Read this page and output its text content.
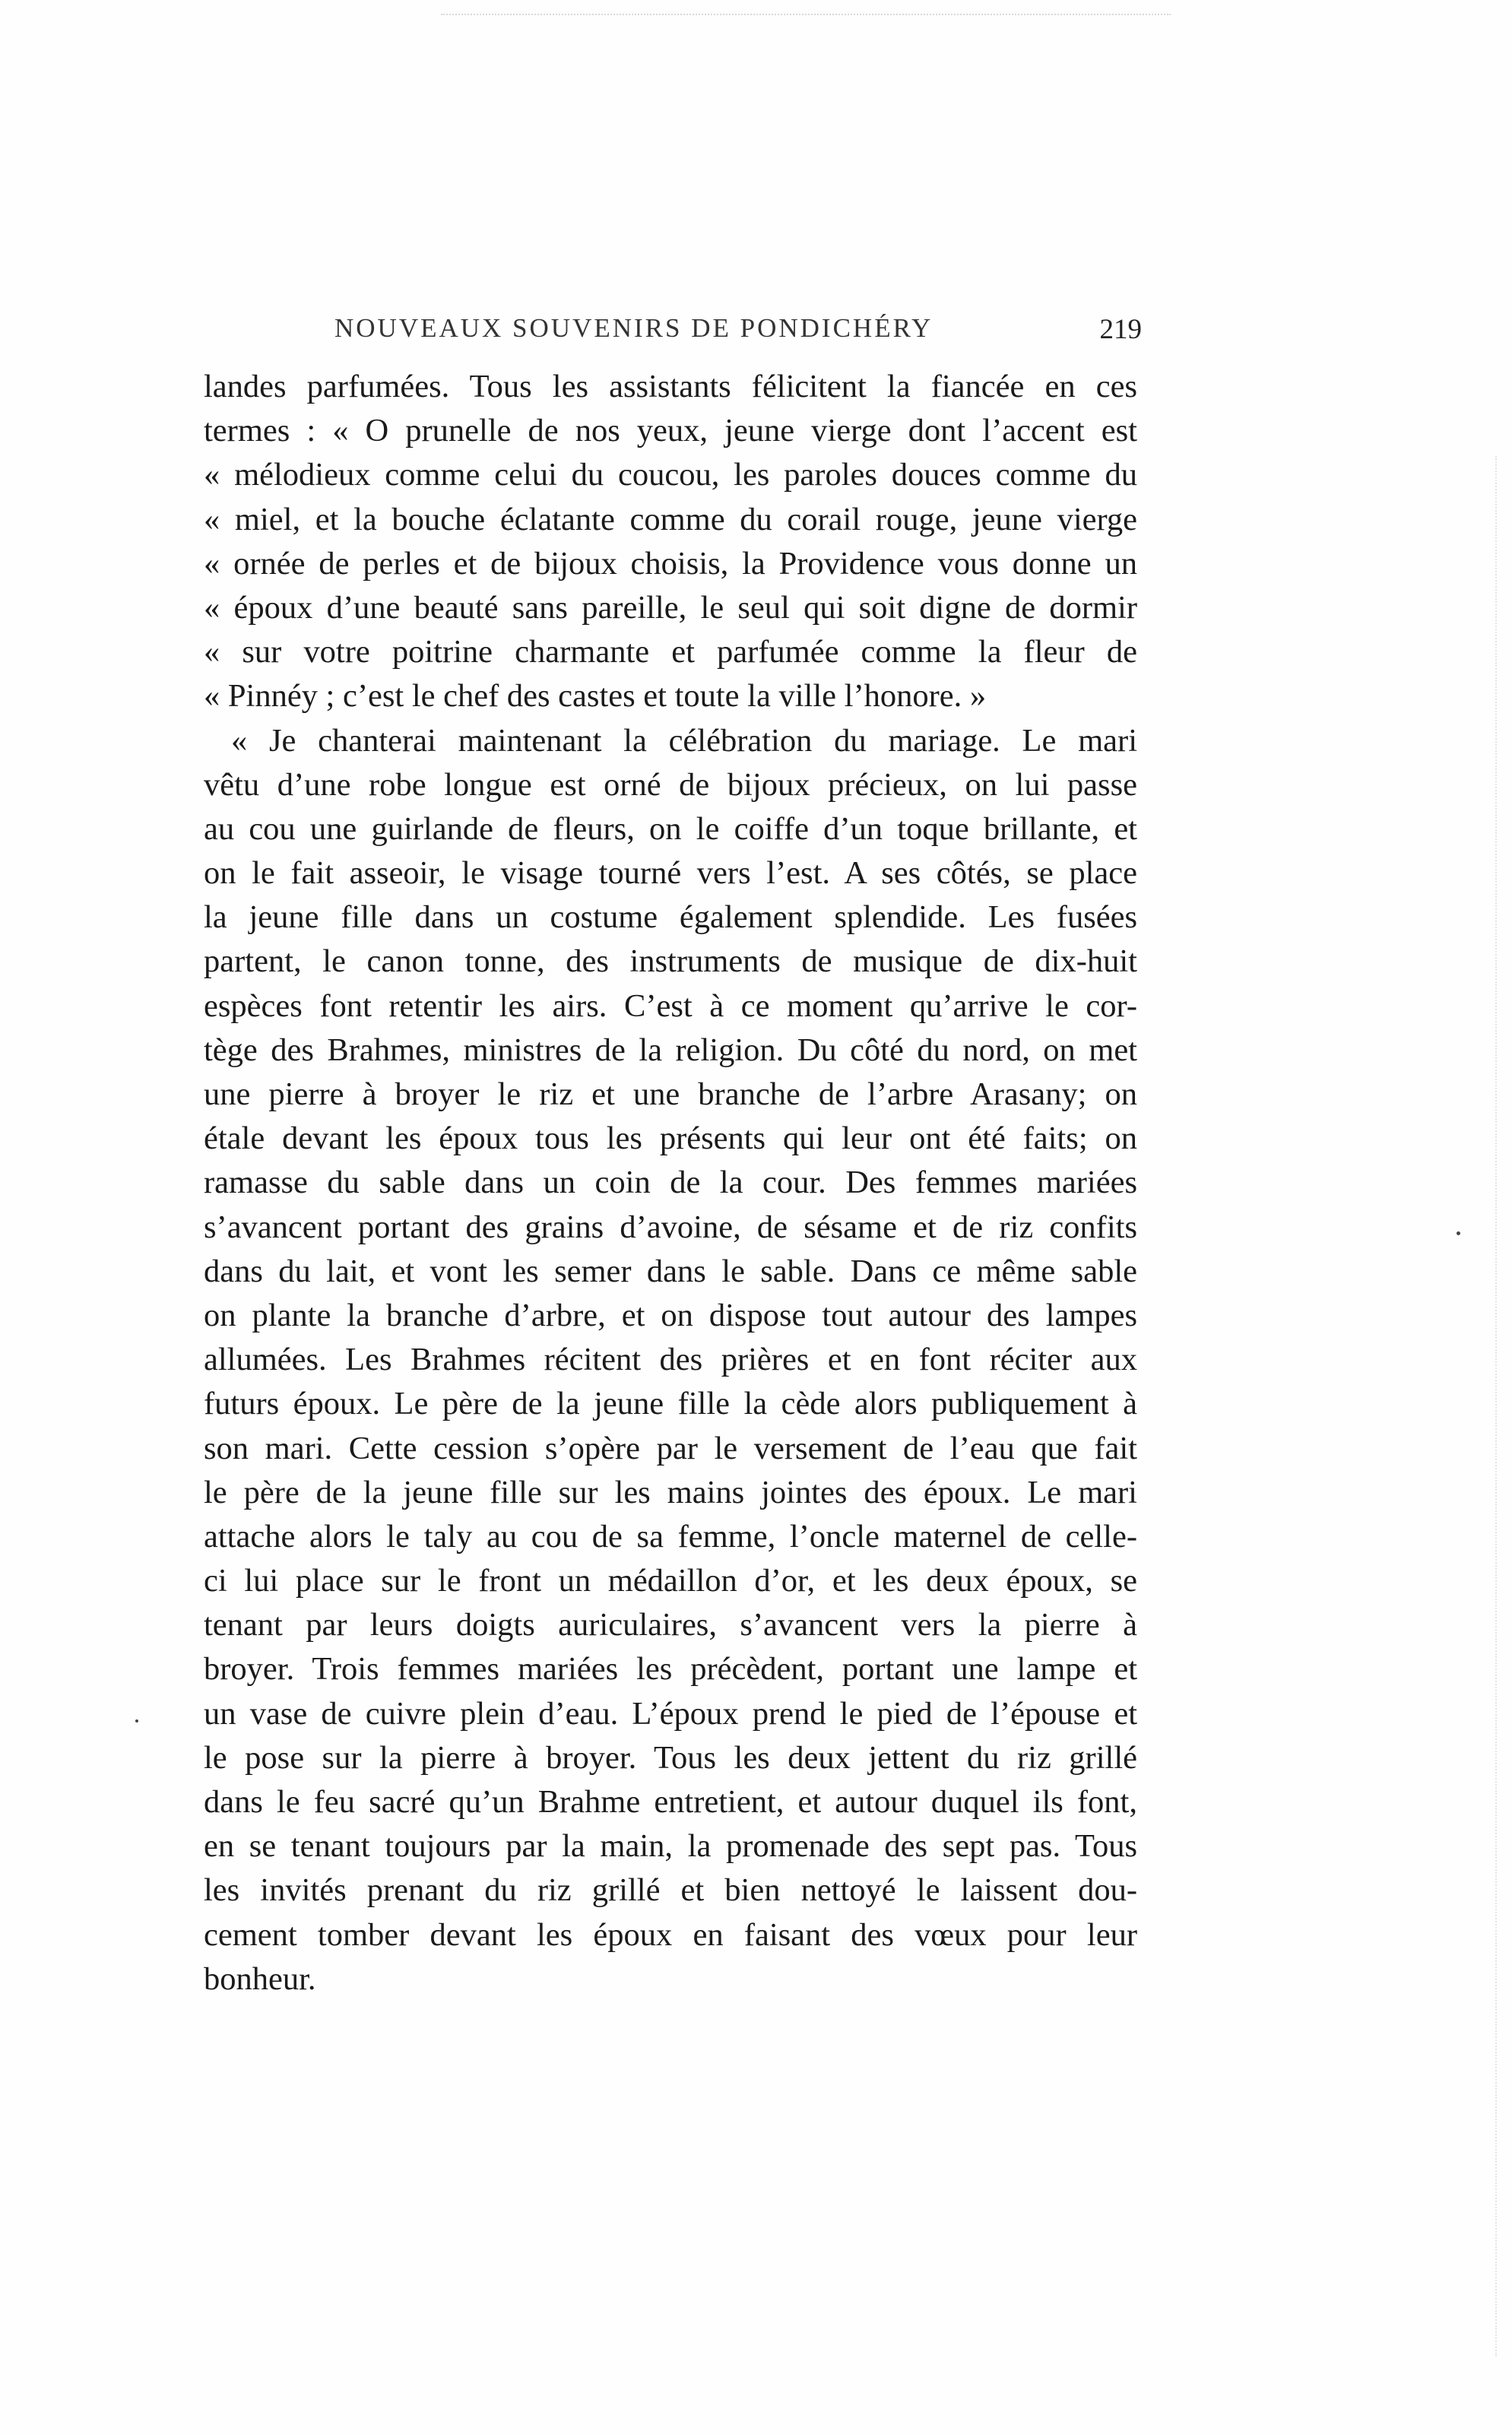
NOUVEAUX SOUVENIRS DE PONDICHÉRY	219
landes parfumées. Tous les assistants félicitent la fiancée en ces
termes : « O prunelle de nos yeux, jeune vierge dont l’accent est
« mélodieux comme celui du coucou, les paroles douces comme du
« miel, et la bouche éclatante comme du corail rouge, jeune vierge
« ornée de perles et de bijoux choisis, la Providence vous donne un
« époux d’une beauté sans pareille, le seul qui soit digne de dormir
« sur votre poitrine charmante et parfumée comme la fleur de
« Pinnéy ; c’est le chef des castes et toute la ville l’honore. »
« Je chanterai maintenant la célébration du mariage. Le mari
vêtu d’une robe longue est orné de bijoux précieux, on lui passe
au cou une guirlande de fleurs, on le coiffe d’un toque brillante, et
on le fait asseoir, le visage tourné vers l’est. A ses côtés, se place
la jeune fille dans un costume également splendide. Les fusées
partent, le canon tonne, des instruments de musique de dix-huit
espèces font retentir les airs. C’est à ce moment qu’arrive le cor-
tège des Brahmes, ministres de la religion. Du côté du nord, on met
une pierre à broyer le riz et une branche de l’arbre Arasany; on
étale devant les époux tous les présents qui leur ont été faits; on
ramasse du sable dans un coin de la cour. Des femmes mariées
s’avancent portant des grains d’avoine, de sésame et de riz confits
dans du lait, et vont les semer dans le sable. Dans ce même sable
on plante la branche d’arbre, et on dispose tout autour des lampes
allumées. Les Brahmes récitent des prières et en font réciter aux
futurs époux. Le père de la jeune fille la cède alors publiquement à
son mari. Cette cession s’opère par le versement de l’eau que fait
le père de la jeune fille sur les mains jointes des époux. Le mari
attache alors le taly au cou de sa femme, l’oncle maternel de celle-
ci lui place sur le front un médaillon d’or, et les deux époux, se
tenant par leurs doigts auriculaires, s’avancent vers la pierre à
broyer. Trois femmes mariées les précèdent, portant une lampe et
un vase de cuivre plein d’eau. L’époux prend le pied de l’épouse et
le pose sur la pierre à broyer. Tous les deux jettent du riz grillé
dans le feu sacré qu’un Brahme entretient, et autour duquel ils font,
en se tenant toujours par la main, la promenade des sept pas. Tous
les invités prenant du riz grillé et bien nettoyé le laissent dou-
cement tomber devant les époux en faisant des vœux pour leur
bonheur.
